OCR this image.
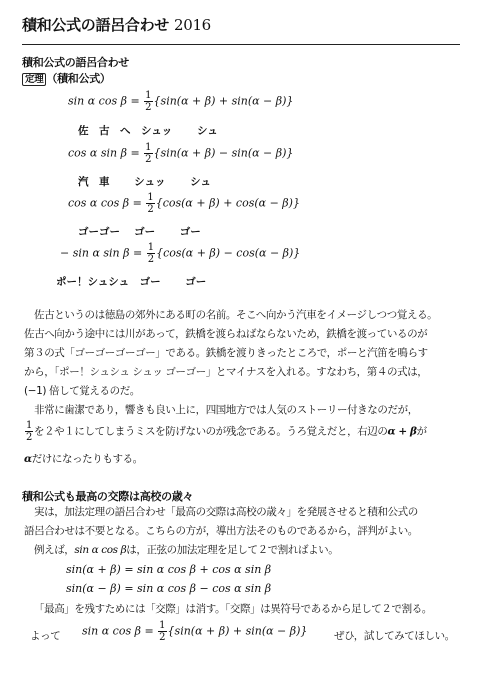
積和公式の語呂合わせ 2016
積和公式の語呂合わせ
定理 （積和公式）
sin α $\cos \beta = \frac{1}{2} \{\sin(\alpha + \beta) + \sin(\alpha - \beta)\}$
佐　古　へ　シュッ　　 シュ
cos α $\sin \beta = \frac{1}{2} \{\sin(\alpha + \beta) - \sin(\alpha - \beta)\}$
汽　車　　 シュッ　　 シュ
cos α $\cos \beta = \frac{1}{2} \{\cos(\alpha + \beta) + \cos(\alpha - \beta)\}$
ゴーゴー　 ゴー　　 ゴー
− sin α $\sin \beta = \frac{1}{2} \{\cos(\alpha + \beta) - \cos(\alpha - \beta)\}$
ポー！シュシュ　ゴー　　 ゴー
佐古というのは徳島の郊外にある町の名前。そこへ向かう汽車をイメージしつつ覚える。
佐古へ向かう途中には川があって，鉄橋を渡らねばならないため，鉄橋を渡っているのが
第３の式「ゴーゴーゴーゴー」である。鉄橋を渡りきったところで，ポーと汽笛を鳴らす
から，「ポー！シュシュ シュッ ゴーゴー」とマイナスを入れる。すなわち，第４の式は，
(−1) 倍して覚えるのだ。
非常に歯潔であり，響きも良い上に，四国地方では人気のストーリー付きなのだが，
$\frac{1}{2}$ を２や１にしてしまうミスを防げないのが残念である。うろ覚えだと，右辺のα + βが
αだけになったりもする。
積和公式も最高の交際は高校の歳々
実は，加法定理の語呂合わせ「最高の交際は高校の歳々」を発展させると積和公式の
語呂合わせは不要となる。こちらの方が，導出方法そのものであるから，評判がよい。
例えば，sin α cos βは，正弦の加法定理を足して２で割ればよい。
sin(α + β) = sin α cos β + cos α sin β
sin(α − β) = sin α cos β − cos α sin β
「最高」を残すためには「交際」は消す。「交際」は異符号であるから足して２で割る。
よって sin α $\cos \beta = \frac{1}{2} \{\sin(\alpha + \beta) + \sin(\alpha - \beta)\}$	ぜひ，試してみてほしい。
